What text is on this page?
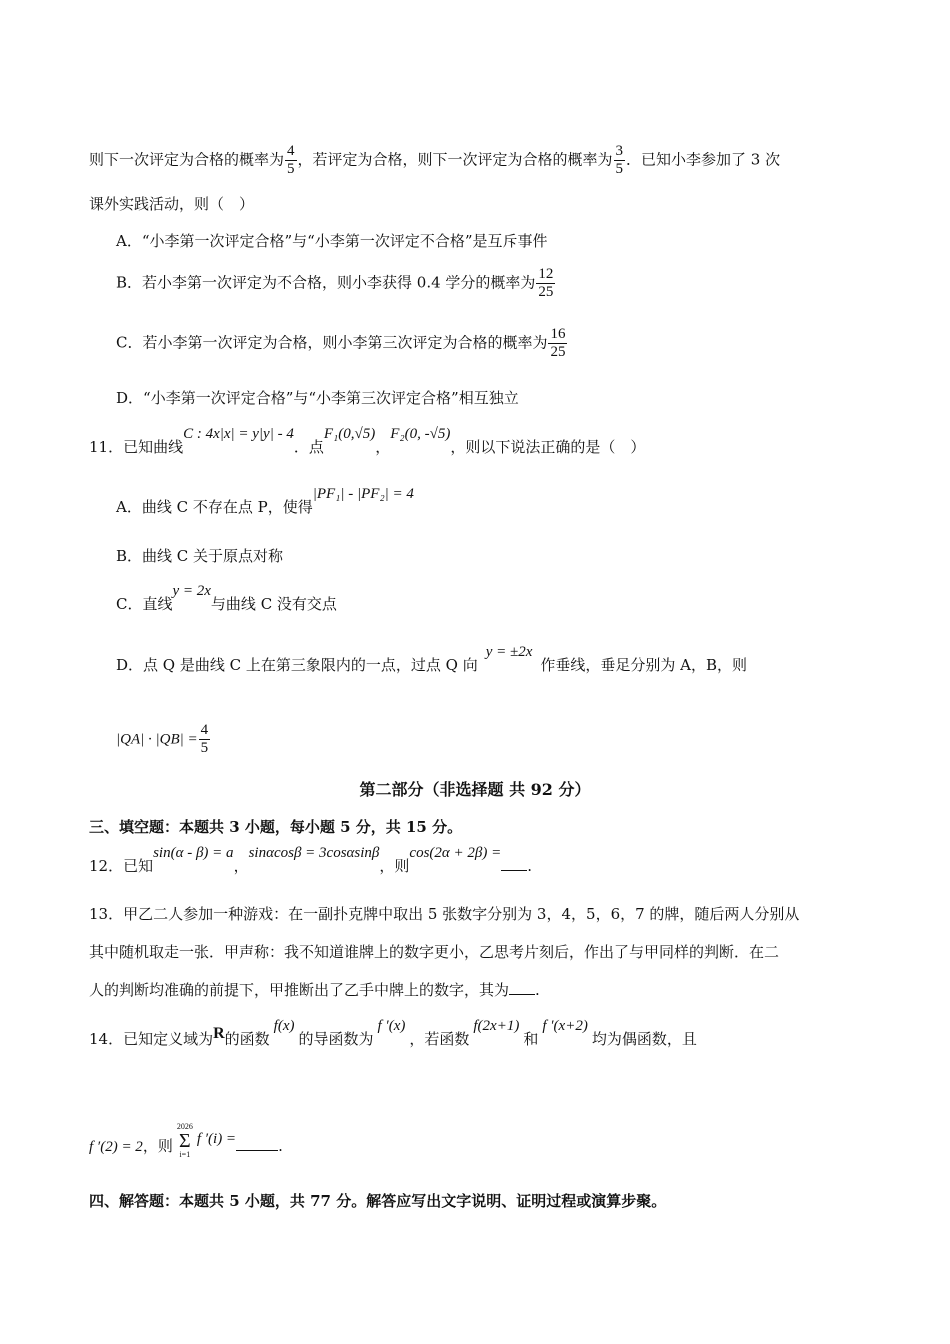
则下一次评定为合格的概率为 $\frac{4}{5}$ ，若评定为合格，则下一次评定为合格的概率为 $\frac{3}{5}$ ．已知小李参加了 3 次
课外实践活动，则（　）
A．“小李第一次评定合格”与“小李第一次评定不合格”是互斥事件
B．若小李第一次评定为不合格，则小李获得 0.4 学分的概率为 $\frac{12}{25}$
C．若小李第一次评定为合格，则小李第三次评定为合格的概率为 $\frac{16}{25}$
D．“小李第一次评定合格”与“小李第三次评定合格”相互独立
11．已知曲线C : 4x|x| = y|y| - 4．点F₁(0,√5)，F₂(0, -√5)，则以下说法正确的是（　）
A．曲线 C 不存在点 P，使得|PF₁| - |PF₂| = 4
B．曲线 C 关于原点对称
C．直线y = 2x与曲线 C 没有交点
D．点 Q 是曲线 C 上在第三象限内的一点，过点 Q 向y = ±2x作垂线，垂足分别为 A，B，则
$|QA| \cdot |QB| = \frac{4}{5}$
第二部分（非选择题 共 92 分）
三、填空题：本题共 3 小题，每小题 5 分，共 15 分。
12．已知sin(α - β) = a，sinαcosβ = 3cosαsinβ，则cos(2α + 2β) =.
13．甲乙二人参加一种游戏：在一副扑克牌中取出 5 张数字分别为 3，4，5，6，7 的牌，随后两人分别从
其中随机取走一张．甲声称：我不知道谁牌上的数字更小，乙思考片刻后，作出了与甲同样的判断．在二
人的判断均准确的前提下，甲推断出了乙手中牌上的数字，其为 .
14．已知定义域为R的函数f(x)的导函数为f ′(x)，若函数f(2x+1)和f ′(x+2)均为偶函数，且
f ′(2) = 2，则
2026
Σ
i=1
f ′(i) =	.
四、解答题：本题共 5 小题，共 77 分。解答应写出文字说明、证明过程或演算步聚。
